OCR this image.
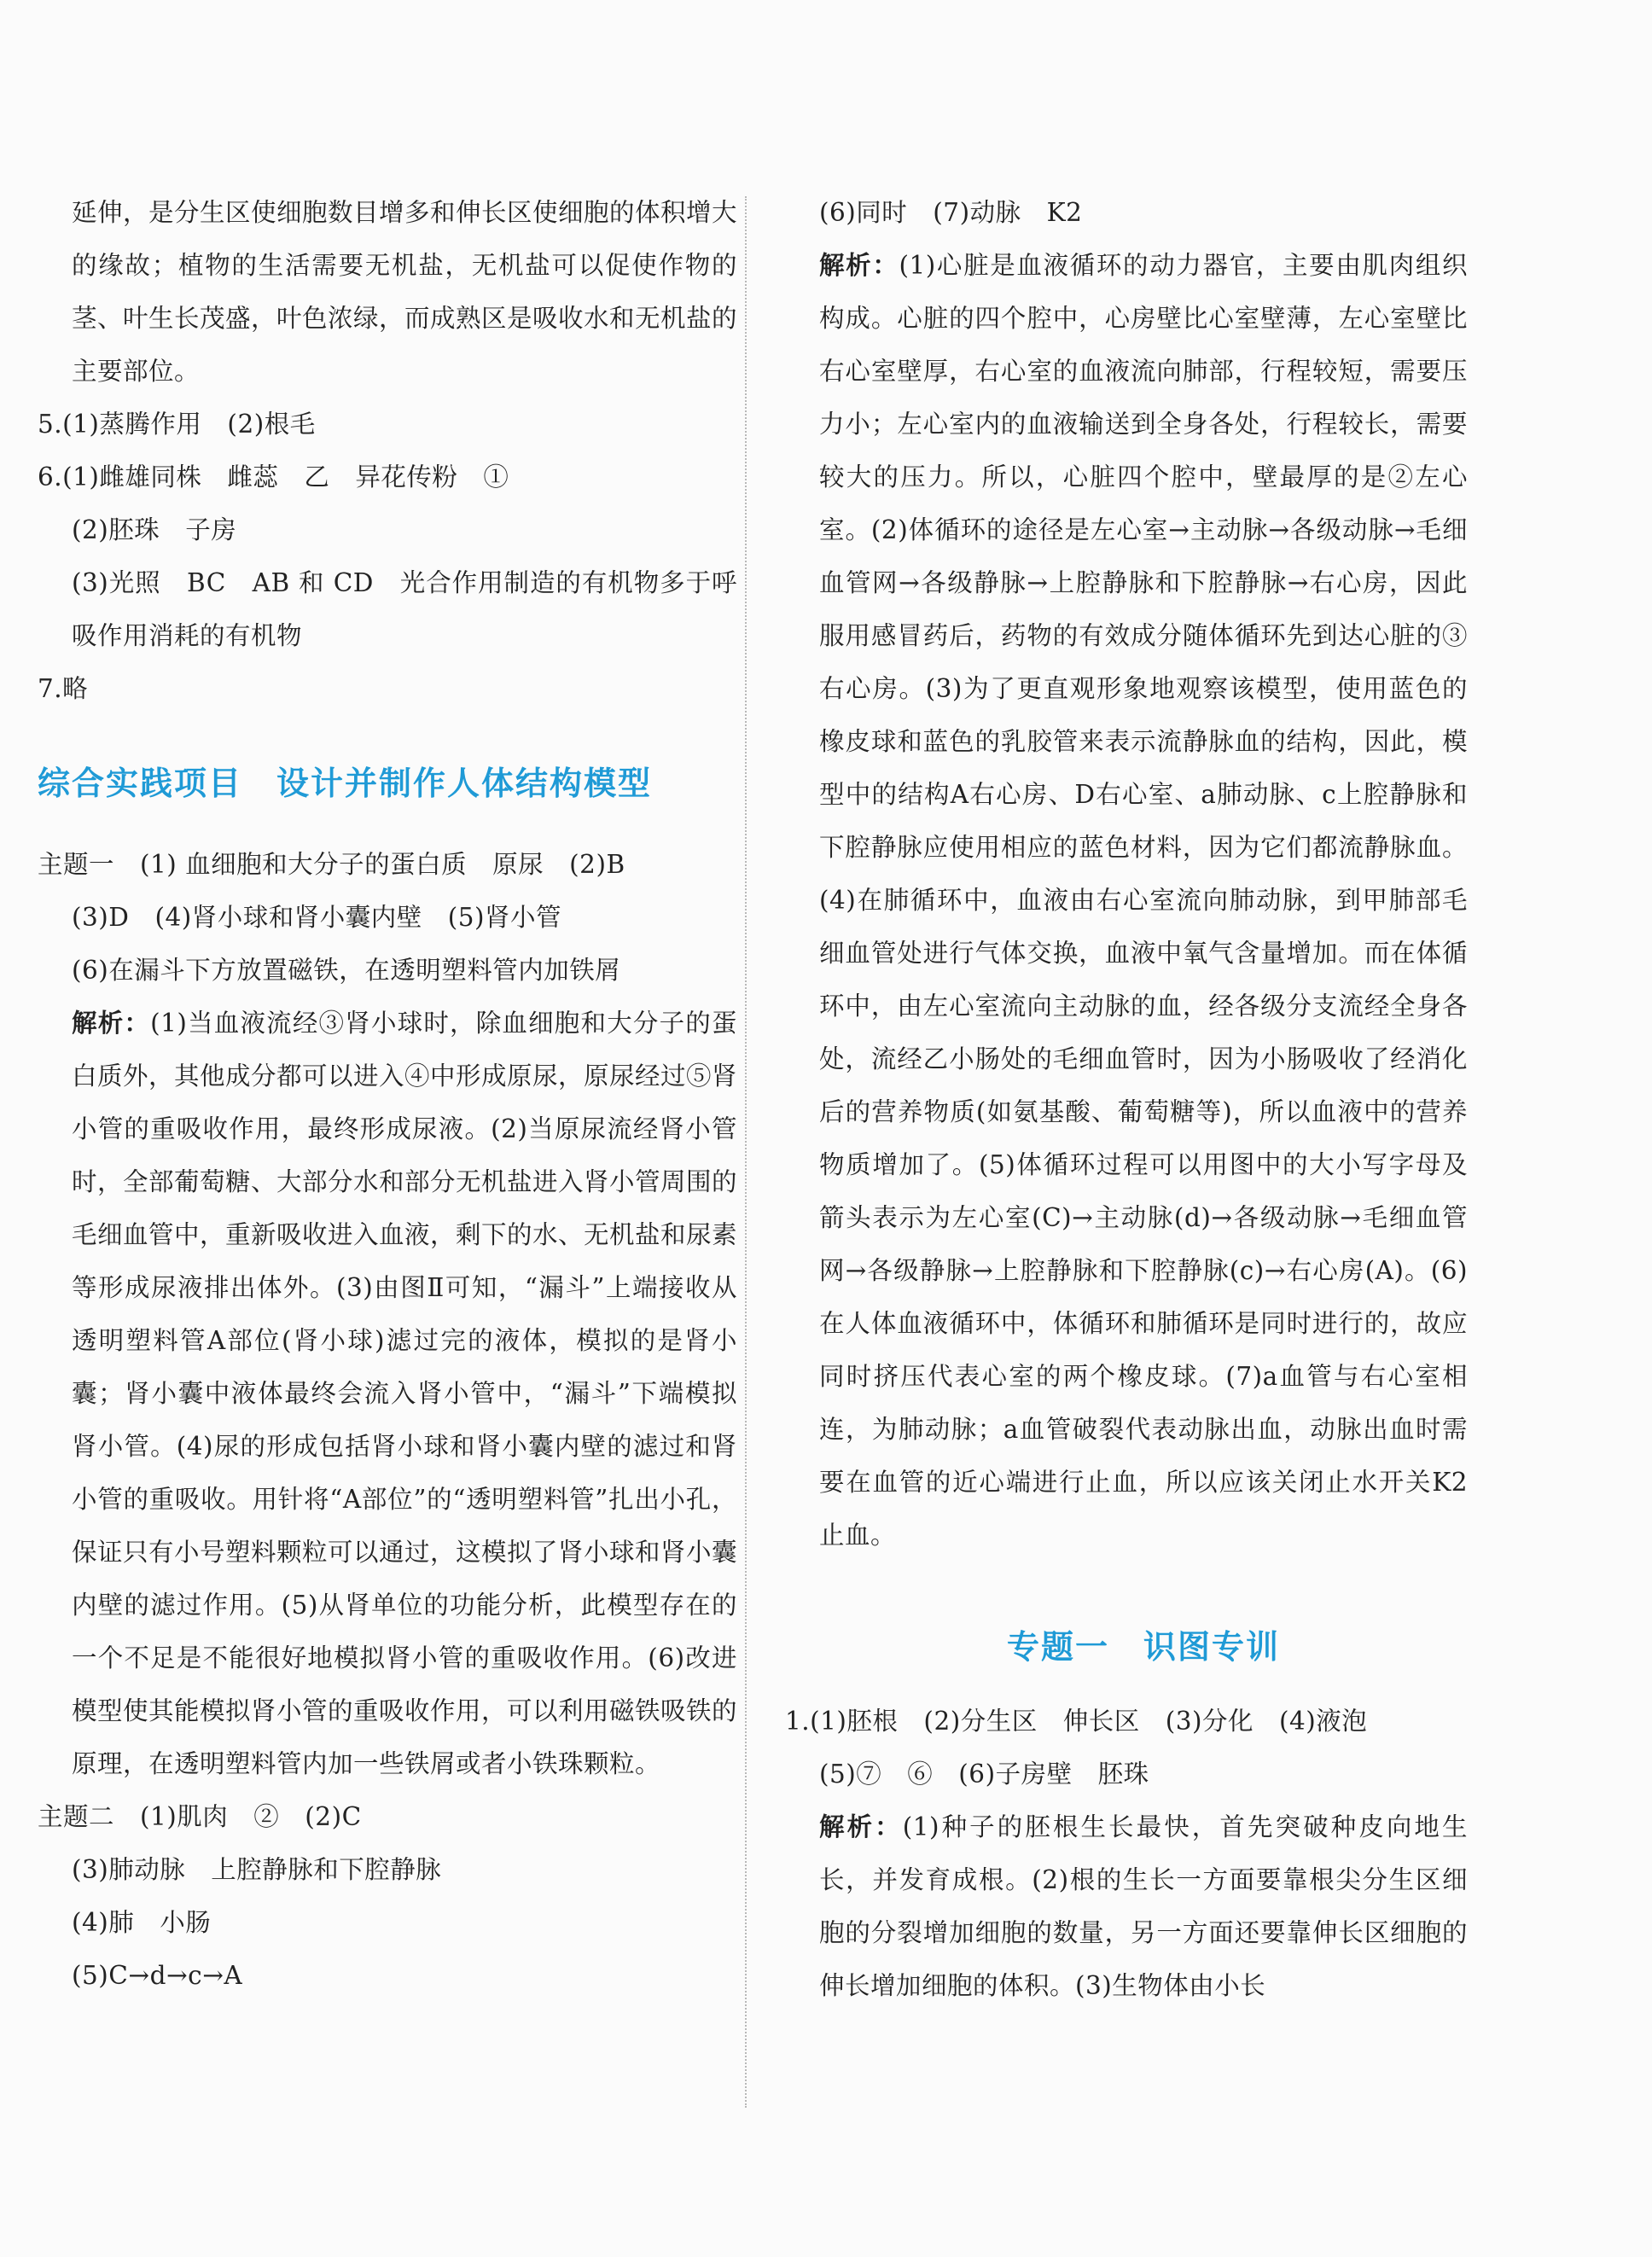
延伸，是分生区使细胞数目增多和伸长区使细胞的体积增大的缘故；植物的生活需要无机盐，无机盐可以促使作物的茎、叶生长茂盛，叶色浓绿，而成熟区是吸收水和无机盐的主要部位。

5.(1)蒸腾作用　(2)根毛

6.(1)雌雄同株　雌蕊　乙　异花传粉　①

(2)胚珠　子房

(3)光照　BC　AB 和 CD　光合作用制造的有机物多于呼吸作用消耗的有机物

7.略

综合实践项目　设计并制作人体结构模型

主题一　(1) 血细胞和大分子的蛋白质　原尿　(2)B

(3)D　(4)肾小球和肾小囊内壁　(5)肾小管

(6)在漏斗下方放置磁铁，在透明塑料管内加铁屑

解析：(1)当血液流经③肾小球时，除血细胞和大分子的蛋白质外，其他成分都可以进入④中形成原尿，原尿经过⑤肾小管的重吸收作用，最终形成尿液。(2)当原尿流经肾小管时，全部葡萄糖、大部分水和部分无机盐进入肾小管周围的毛细血管中，重新吸收进入血液，剩下的水、无机盐和尿素等形成尿液排出体外。(3)由图Ⅱ可知，“漏斗”上端接收从透明塑料管A部位(肾小球)滤过完的液体，模拟的是肾小囊；肾小囊中液体最终会流入肾小管中，“漏斗”下端模拟肾小管。(4)尿的形成包括肾小球和肾小囊内壁的滤过和肾小管的重吸收。用针将“A部位”的“透明塑料管”扎出小孔，保证只有小号塑料颗粒可以通过，这模拟了肾小球和肾小囊内壁的滤过作用。(5)从肾单位的功能分析，此模型存在的一个不足是不能很好地模拟肾小管的重吸收作用。(6)改进模型使其能模拟肾小管的重吸收作用，可以利用磁铁吸铁的原理，在透明塑料管内加一些铁屑或者小铁珠颗粒。

主题二　(1)肌肉　②　(2)C

(3)肺动脉　上腔静脉和下腔静脉

(4)肺　小肠

(5)C→d→c→A

(6)同时　(7)动脉　K2

解析：(1)心脏是血液循环的动力器官，主要由肌肉组织构成。心脏的四个腔中，心房壁比心室壁薄，左心室壁比右心室壁厚，右心室的血液流向肺部，行程较短，需要压力小；左心室内的血液输送到全身各处，行程较长，需要较大的压力。所以，心脏四个腔中，壁最厚的是②左心室。(2)体循环的途径是左心室→主动脉→各级动脉→毛细血管网→各级静脉→上腔静脉和下腔静脉→右心房，因此服用感冒药后，药物的有效成分随体循环先到达心脏的③右心房。(3)为了更直观形象地观察该模型，使用蓝色的橡皮球和蓝色的乳胶管来表示流静脉血的结构，因此，模型中的结构A右心房、D右心室、a肺动脉、c上腔静脉和下腔静脉应使用相应的蓝色材料，因为它们都流静脉血。(4)在肺循环中，血液由右心室流向肺动脉，到甲肺部毛细血管处进行气体交换，血液中氧气含量增加。而在体循环中，由左心室流向主动脉的血，经各级分支流经全身各处，流经乙小肠处的毛细血管时，因为小肠吸收了经消化后的营养物质(如氨基酸、葡萄糖等)，所以血液中的营养物质增加了。(5)体循环过程可以用图中的大小写字母及箭头表示为左心室(C)→主动脉(d)→各级动脉→毛细血管网→各级静脉→上腔静脉和下腔静脉(c)→右心房(A)。(6)在人体血液循环中，体循环和肺循环是同时进行的，故应同时挤压代表心室的两个橡皮球。(7)a血管与右心室相连，为肺动脉；a血管破裂代表动脉出血，动脉出血时需要在血管的近心端进行止血，所以应该关闭止水开关K2止血。

专题一　识图专训

1.(1)胚根　(2)分生区　伸长区　(3)分化　(4)液泡

(5)⑦　⑥　(6)子房壁　胚珠

解析：(1)种子的胚根生长最快，首先突破种皮向地生长，并发育成根。(2)根的生长一方面要靠根尖分生区细胞的分裂增加细胞的数量，另一方面还要靠伸长区细胞的伸长增加细胞的体积。(3)生物体由小长
